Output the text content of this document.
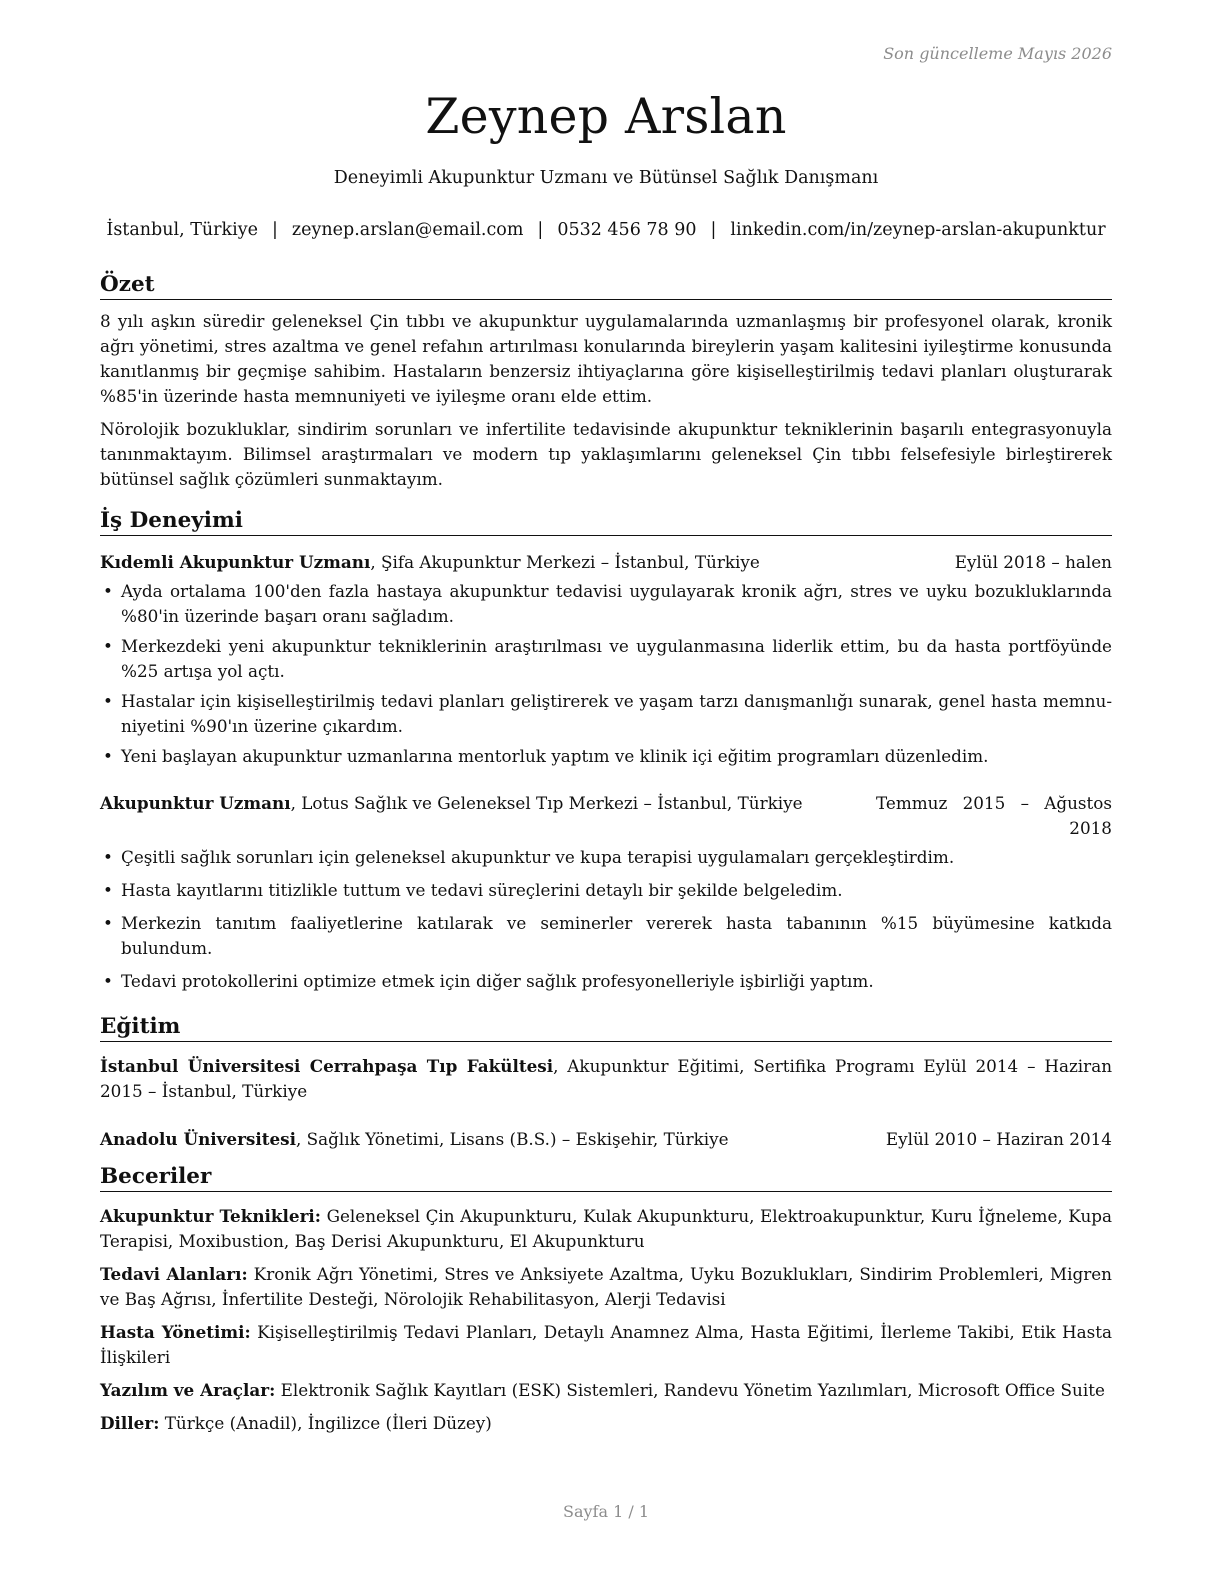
Son güncelleme Mayıs 2026
Zeynep Arslan
Deneyimli Akupunktur Uzmanı ve Bütünsel Sağlık Danışmanı
İstanbul, Türkiye | zeynep.arslan@email.com | 0532 456 78 90 | linkedin.com/in/zeynep-arslan-akupunktur
Özet

8 yılı aşkın süredir geleneksel Çin tıbbı ve akupunktur uygulamalarında uzmanlaşmış bir profesyonel olarak, kronik ağrı yönetimi, stres azaltma ve genel refahın artırılması konularında bireylerin yaşam kalitesini iyileştirme konusunda kanıtlanmış bir geçmişe sahibim. Hastaların benzersiz ihtiyaçlarına göre kişiselleştirilmiş tedavi planları oluşturarak %85'in üzerinde hasta memnuniyeti ve iyileşme oranı elde ettim.

Nörolojik bozukluklar, sindirim sorunları ve infertilite tedavisinde akupunktur tekniklerinin başarılı entegrasyonuyla tanınmaktayım. Bilimsel araştırmaları ve modern tıp yaklaşımlarını geleneksel Çin tıbbı felsefesiyle birleştirerek bütünsel sağlık çözümleri sunmaktayım.

İş Deneyimi
Kıdemli Akupunktur Uzmanı, Şifa Akupunktur Merkezi – İstanbul, Türkiye	Eylül 2018 – halen
• Ayda ortalama 100'den fazla hastaya akupunktur tedavisi uygulayarak kronik ağrı, stres ve uyku bozukluklarında %80'in üzerinde başarı oranı sağladım.
• Merkezdeki yeni akupunktur tekniklerinin araştırılması ve uygulanmasına liderlik ettim, bu da hasta portföyünde %25 artışa yol açtı.
• Hastalar için kişiselleştirilmiş tedavi planları geliştirerek ve yaşam tarzı danışmanlığı sunarak, genel hasta memnu-niyetini %90'ın üzerine çıkardım.
• Yeni başlayan akupunktur uzmanlarına mentorluk yaptım ve klinik içi eğitim programları düzenledim.
Akupunktur Uzmanı, Lotus Sağlık ve Geleneksel Tıp Merkezi – İstanbul, Türkiye	Temmuz 2015 – Ağustos 2018
• Çeşitli sağlık sorunları için geleneksel akupunktur ve kupa terapisi uygulamaları gerçekleştirdim.
• Hasta kayıtlarını titizlikle tuttum ve tedavi süreçlerini detaylı bir şekilde belgeledim.
• Merkezin tanıtım faaliyetlerine katılarak ve seminerler vererek hasta tabanının %15 büyümesine katkıda bulundum.
• Tedavi protokollerini optimize etmek için diğer sağlık profesyonelleriyle işbirliği yaptım.
Eğitim
İstanbul Üniversitesi Cerrahpaşa Tıp Fakültesi, Akupunktur Eğitimi, Sertifika Programı Eylül 2014 – Haziran 2015 – İstanbul, Türkiye
Anadolu Üniversitesi, Sağlık Yönetimi, Lisans (B.S.) – Eskişehir, Türkiye	Eylül 2010 – Haziran 2014
Beceriler
Akupunktur Teknikleri: Geleneksel Çin Akupunkturu, Kulak Akupunkturu, Elektroakupunktur, Kuru İğneleme, Kupa Terapisi, Moxibustion, Baş Derisi Akupunkturu, El Akupunkturu
Tedavi Alanları: Kronik Ağrı Yönetimi, Stres ve Anksiyete Azaltma, Uyku Bozuklukları, Sindirim Problemleri, Migren ve Baş Ağrısı, İnfertilite Desteği, Nörolojik Rehabilitasyon, Alerji Tedavisi
Hasta Yönetimi: Kişiselleştirilmiş Tedavi Planları, Detaylı Anamnez Alma, Hasta Eğitimi, İlerleme Takibi, Etik Hasta İlişkileri
Yazılım ve Araçlar: Elektronik Sağlık Kayıtları (ESK) Sistemleri, Randevu Yönetim Yazılımları, Microsoft Office Suite
Diller: Türkçe (Anadil), İngilizce (İleri Düzey)
Sayfa 1 / 1
